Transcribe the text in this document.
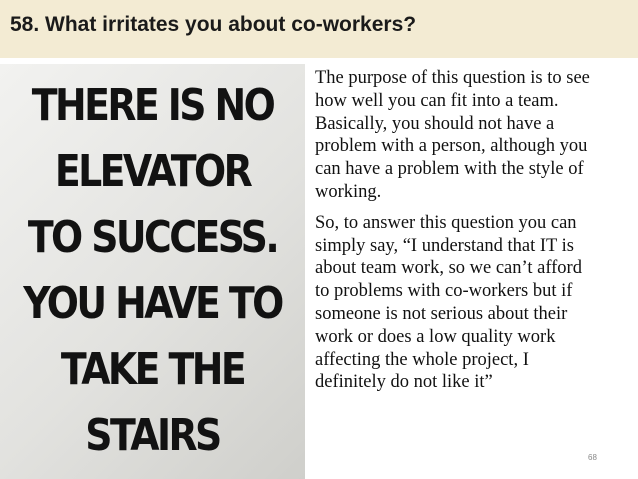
58. What irritates you about co-workers?
THERE IS NO
ELEVATOR
TO SUCCESS.
YOU HAVE TO
TAKE THE
STAIRS
The purpose of this question is to see
how well you can fit into a team.
Basically, you should not have a
problem with a person, although you
can have a problem with the style of
working.
So, to answer this question you can
simply say, “I understand that IT is
about team work, so we can’t afford
to problems with co-workers but if
someone is not serious about their
work or does a low quality work
affecting the whole project, I
definitely do not like it”
68
